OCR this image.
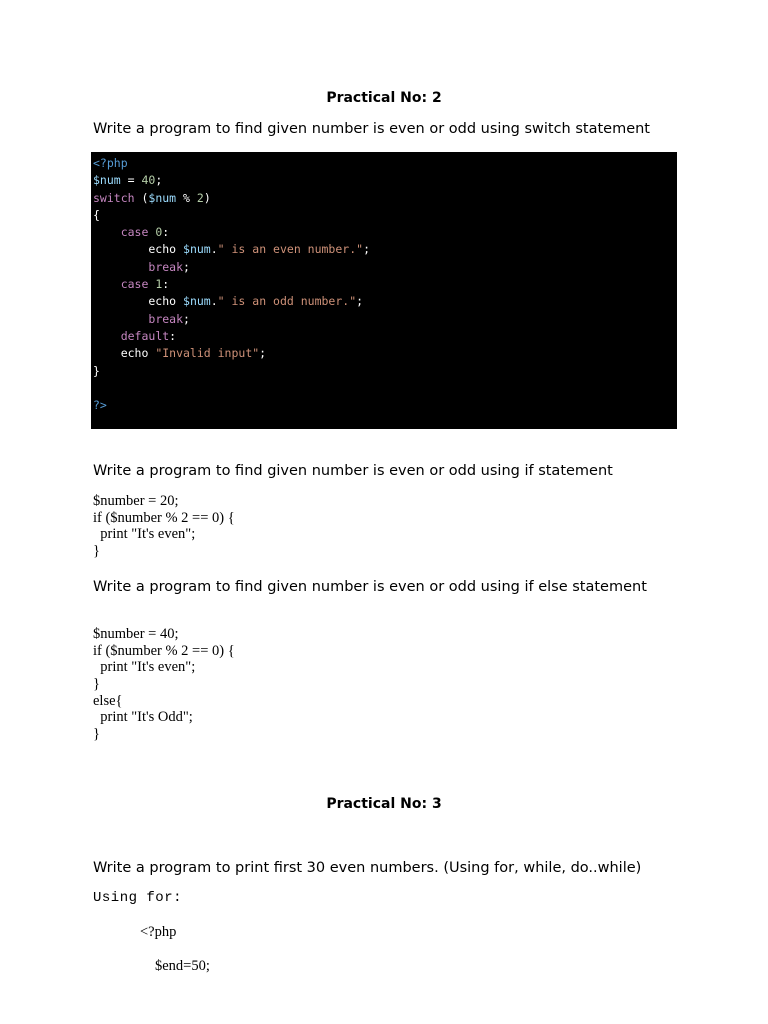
Practical No: 2
Write a program to find given number is even or odd using switch statement
<?php
$num = 40;
switch ($num % 2)
{
case 0:
echo $num." is an even number.";
break;
case 1:
echo $num." is an odd number.";
break;
default:
echo "Invalid input";
}
?>
Write a program to find given number is even or odd using if statement
$number = 20;
if ($number % 2 == 0) {
print "It's even";
}
Write a program to find given number is even or odd using if else statement
$number = 40;
if ($number % 2 == 0) {
print "It's even";
}
else{
print "It's Odd";
}
Practical No: 3
Write a program to print first 30 even numbers. (Using for, while, do..while)
Using for:
<?php
$end=50;
